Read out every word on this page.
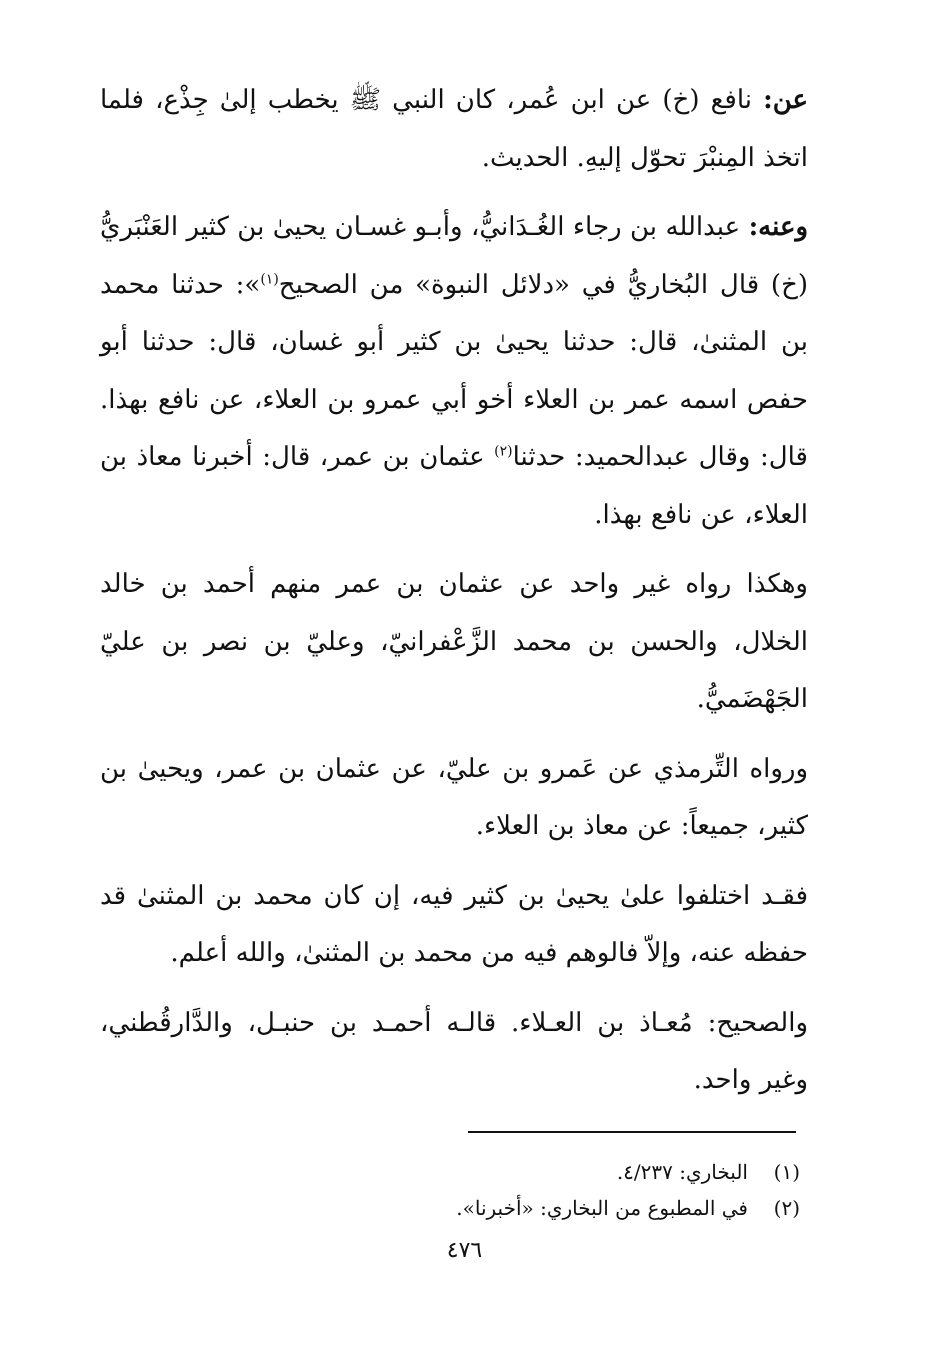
عن: نافع (خ) عن ابن عُمر، كان النبي ﷺ يخطب إلىٰ جِذْع، فلما اتخذ المِنبْرَ تحوّل إليهِ. الحديث.

وعنه: عبدالله بن رجاء الغُـدَانيُّ، وأبـو غسـان يحيىٰ بن كثير العَنْبَريُّ (خ) قال البُخاريُّ في «دلائل النبوة» من الصحيح$^{(١)}$»: حدثنا محمد بن المثنىٰ، قال: حدثنا يحيىٰ بن كثير أبو غسان، قال: حدثنا أبو حفص اسمه عمر بن العلاء أخو أبي عمرو بن العلاء، عن نافع بهذا. قال: وقال عبدالحميد: حدثنا$^{(٢)}$ عثمان بن عمر، قال: أخبرنا معاذ بن العلاء، عن نافع بهذا.

وهكذا رواه غير واحد عن عثمان بن عمر منهم أحمد بن خالد الخلال، والحسن بن محمد الزَّعْفرانيّ، وعليّ بن نصر بن عليّ الجَهْضَميُّ.

ورواه التِّرمذي عن عَمرو بن عليّ، عن عثمان بن عمر، ويحيىٰ بن كثير، جميعاً: عن معاذ بن العلاء.

فقـد اختلفوا علىٰ يحيىٰ بن كثير فيه، إن كان محمد بن المثنىٰ قد حفظه عنه، وإلاّ فالوهم فيه من محمد بن المثنىٰ، والله أعلم.

والصحيح: مُعـاذ بن العـلاء. قالـه أحمـد بن حنبـل، والدَّارقُطني، وغير واحد.

(١)
البخاري: ٤/٢٣٧.
(٢)
في المطبوع من البخاري: «أخبرنا».
٤٧٦
